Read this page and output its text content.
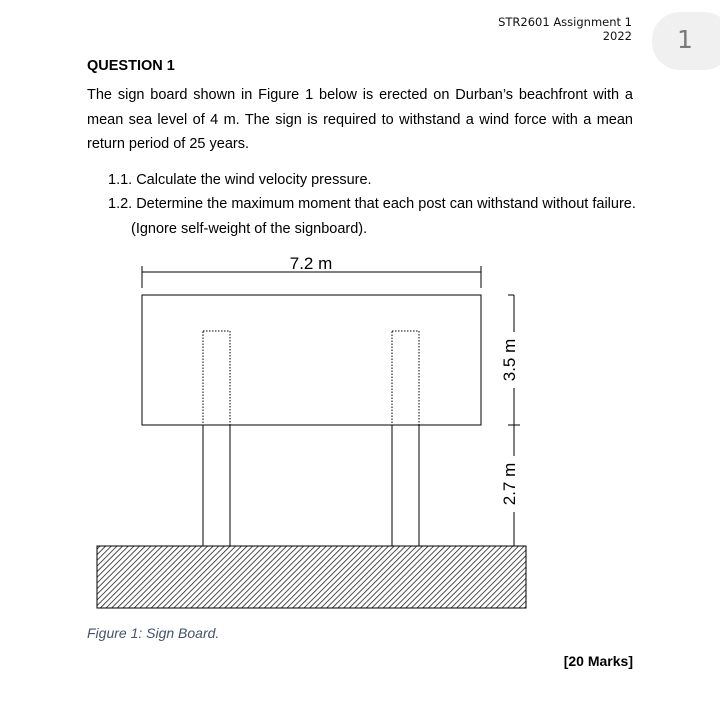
STR2601 Assignment 1 2022 1
QUESTION 1
The sign board shown in Figure 1 below is erected on Durban’s beachfront with a mean sea level of 4 m. The sign is required to withstand a wind force with a mean return period of 25 years.
1.1. Calculate the wind velocity pressure.
1.2. Determine the maximum moment that each post can withstand without failure.
(Ignore self-weight of the signboard).
7.2 m
3.5 m
2.7 m
Figure 1: Sign Board.
[20 Marks]
